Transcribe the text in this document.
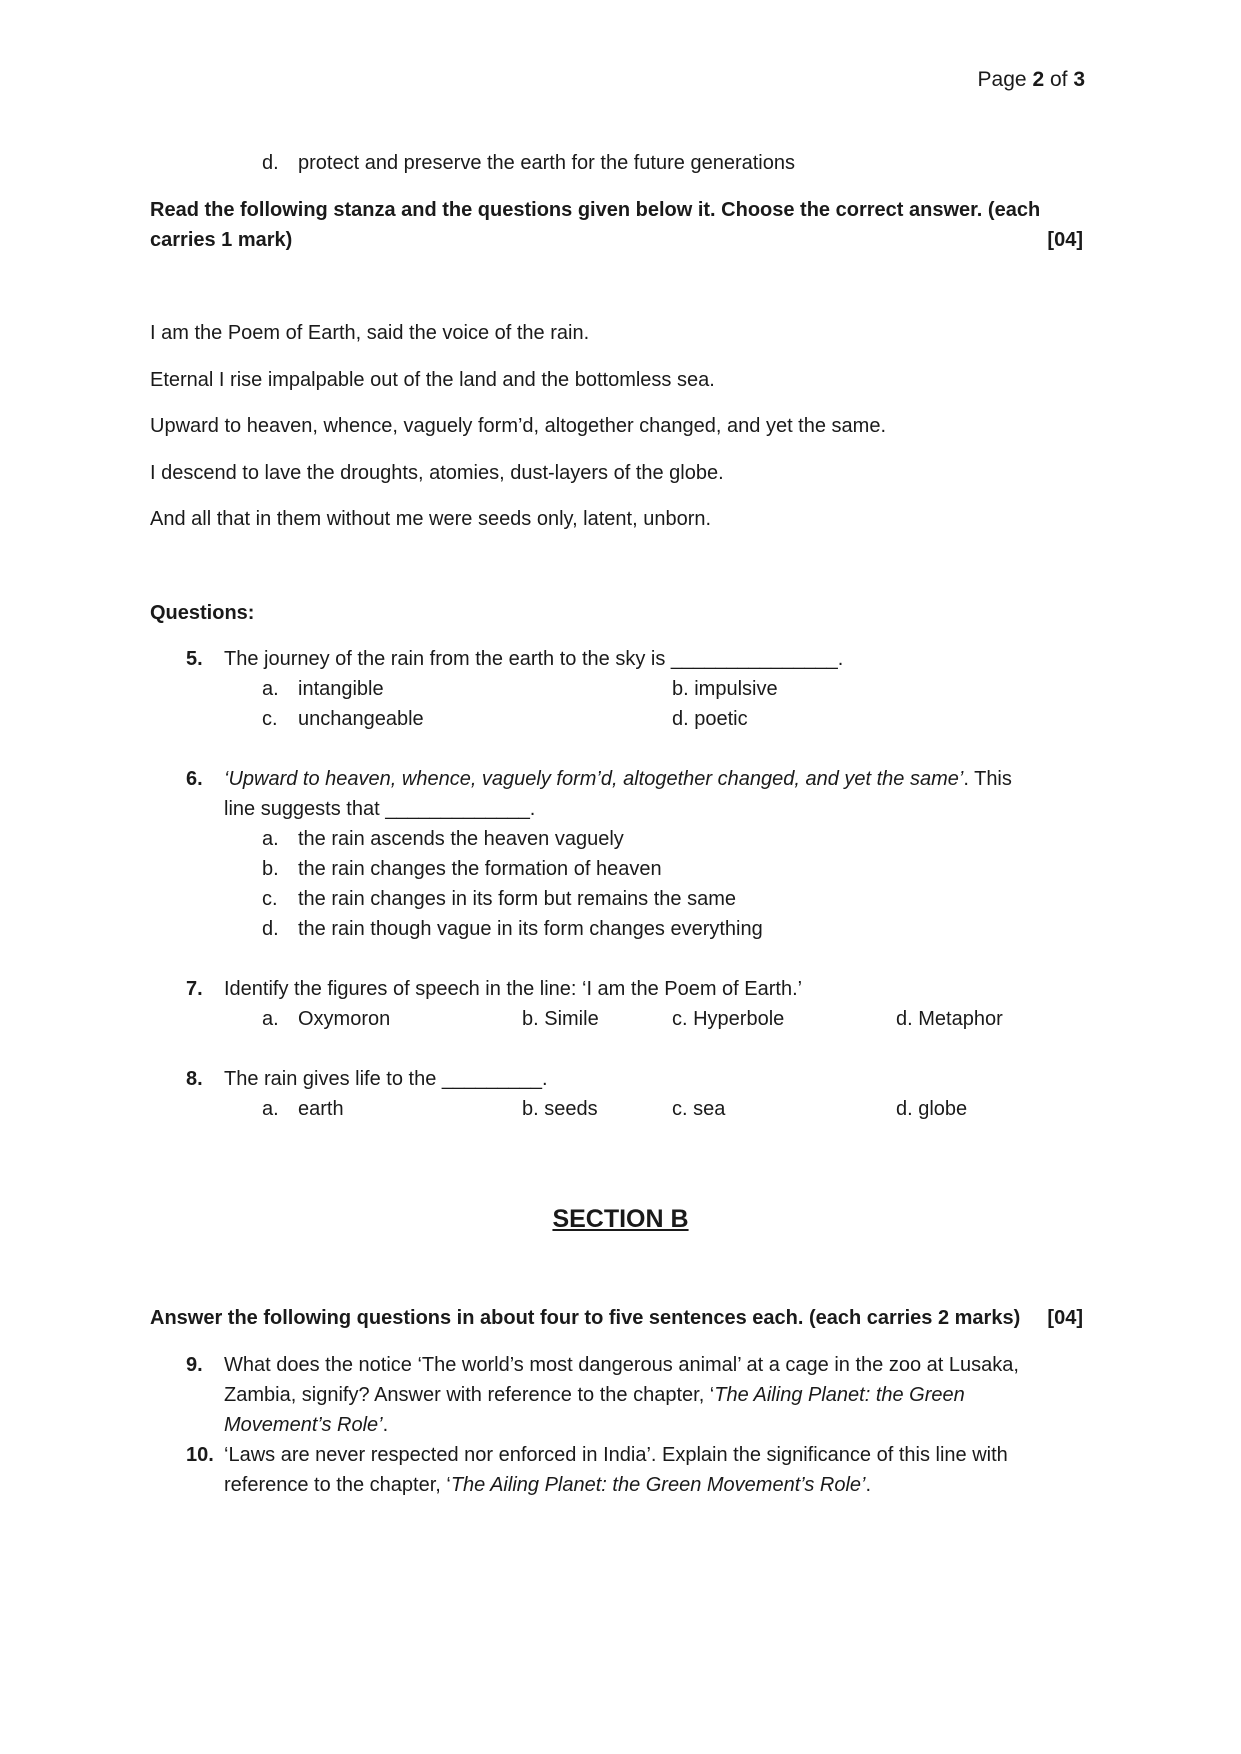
Page 2 of 3
d. protect and preserve the earth for the future generations
Read the following stanza and the questions given below it. Choose the correct answer. (each
carries 1 mark)	[04]
I am the Poem of Earth, said the voice of the rain.
Eternal I rise impalpable out of the land and the bottomless sea.
Upward to heaven, whence, vaguely form’d, altogether changed, and yet the same.
I descend to lave the droughts, atomies, dust-layers of the globe.
And all that in them without me were seeds only, latent, unborn.
Questions:
5. The journey of the rain from the earth to the sky is _______________.
a. intangible	b. impulsive
c. unchangeable	d. poetic
6. ‘Upward to heaven, whence, vaguely form’d, altogether changed, and yet the same’. This
line suggests that _____________.
a. the rain ascends the heaven vaguely
b. the rain changes the formation of heaven
c. the rain changes in its form but remains the same
d. the rain though vague in its form changes everything
7. Identify the figures of speech in the line: ‘I am the Poem of Earth.’
a. Oxymoron	b. Simile	c. Hyperbole	d. Metaphor
8. The rain gives life to the _________.
a. earth	b. seeds	c. sea	d. globe
SECTION B
Answer the following questions in about four to five sentences each. (each carries 2 marks) [04]
9. What does the notice ‘The world’s most dangerous animal’ at a cage in the zoo at Lusaka,
Zambia, signify? Answer with reference to the chapter, ‘The Ailing Planet: the Green
Movement’s Role’.
10. ‘Laws are never respected nor enforced in India’. Explain the significance of this line with
reference to the chapter, ‘The Ailing Planet: the Green Movement’s Role’.
